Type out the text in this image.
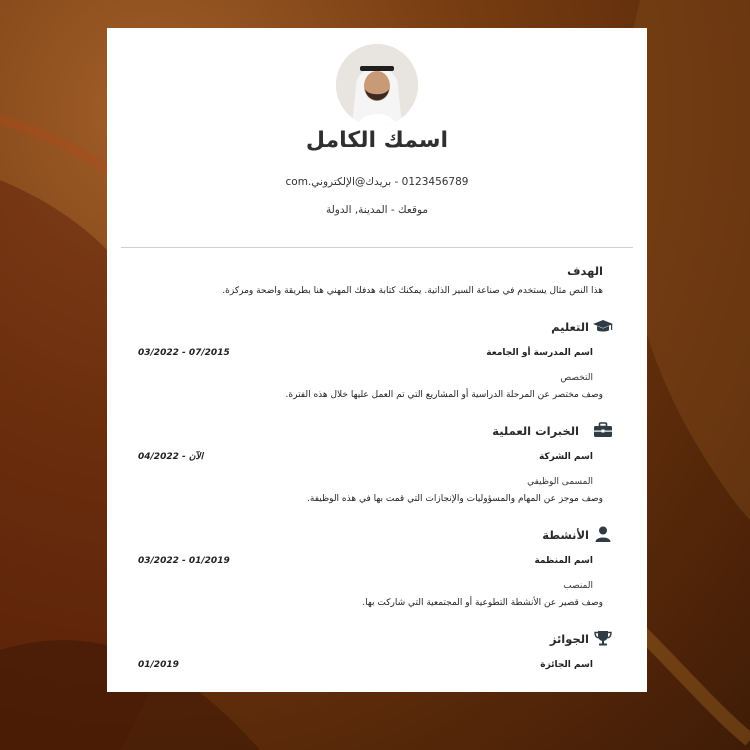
اسمك الكامل
0123456789 - بريدك@الإلكتروني.com
موقعك - المدينة, الدولة
الهدف
هذا النص مثال يستخدم في صناعة السير الذاتية. يمكنك كتابة هدفك المهني هنا بطريقة واضحة ومركزة.
التعليم
اسم المدرسة أو الجامعة
03/2022 - 07/2015
التخصص
وصف مختصر عن المرحلة الدراسية أو المشاريع التي تم العمل عليها خلال هذه الفترة.
الخبرات العملية
اسم الشركة
04/2022 - الآن
المسمى الوظيفي
وصف موجز عن المهام والمسؤوليات والإنجازات التي قمت بها في هذه الوظيفة.
الأنشطة
اسم المنظمة
03/2022 - 01/2019
المنصب
وصف قصير عن الأنشطة التطوعية أو المجتمعية التي شاركت بها.
الجوائز
اسم الجائزة
01/2019
